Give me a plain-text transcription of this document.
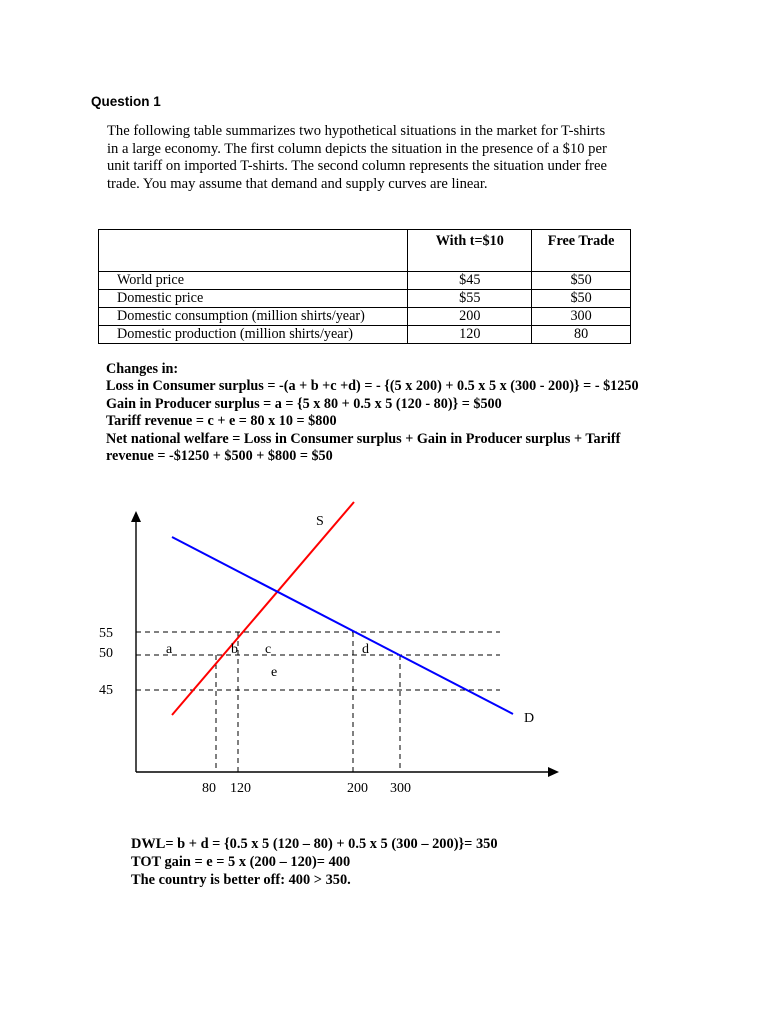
Question 1
The following table summarizes two hypothetical situations in the market for T-shirts
in a large economy. The first column depicts the situation in the presence of a $10 per
unit tariff on imported T-shirts. The second column represents the situation under free
trade. You may assume that demand and supply curves are linear.
	With t=$10	Free Trade
World price	$45	$50
Domestic price	$55	$50
Domestic consumption (million shirts/year)	200	300
Domestic production (million shirts/year)	120	80
Changes in:
Loss in Consumer surplus = -(a + b +c +d) = - {(5 x 200) + 0.5 x 5 x (300 - 200)} = - $1250
Gain in Producer surplus = a = {5 x 80 + 0.5 x 5 (120 - 80)} = $500
Tariff revenue = c + e = 80 x 10 = $800
Net national welfare = Loss in Consumer surplus + Gain in Producer surplus + Tariff
revenue = -$1250 + $500 + $800 = $50
S
D
55
50
45
80 120	200 300
a	b c	d
e
DWL= b + d = {0.5 x 5 (120 – 80) + 0.5 x 5 (300 – 200)}= 350
TOT gain = e = 5 x (200 – 120)= 400
The country is better off: 400 > 350.
